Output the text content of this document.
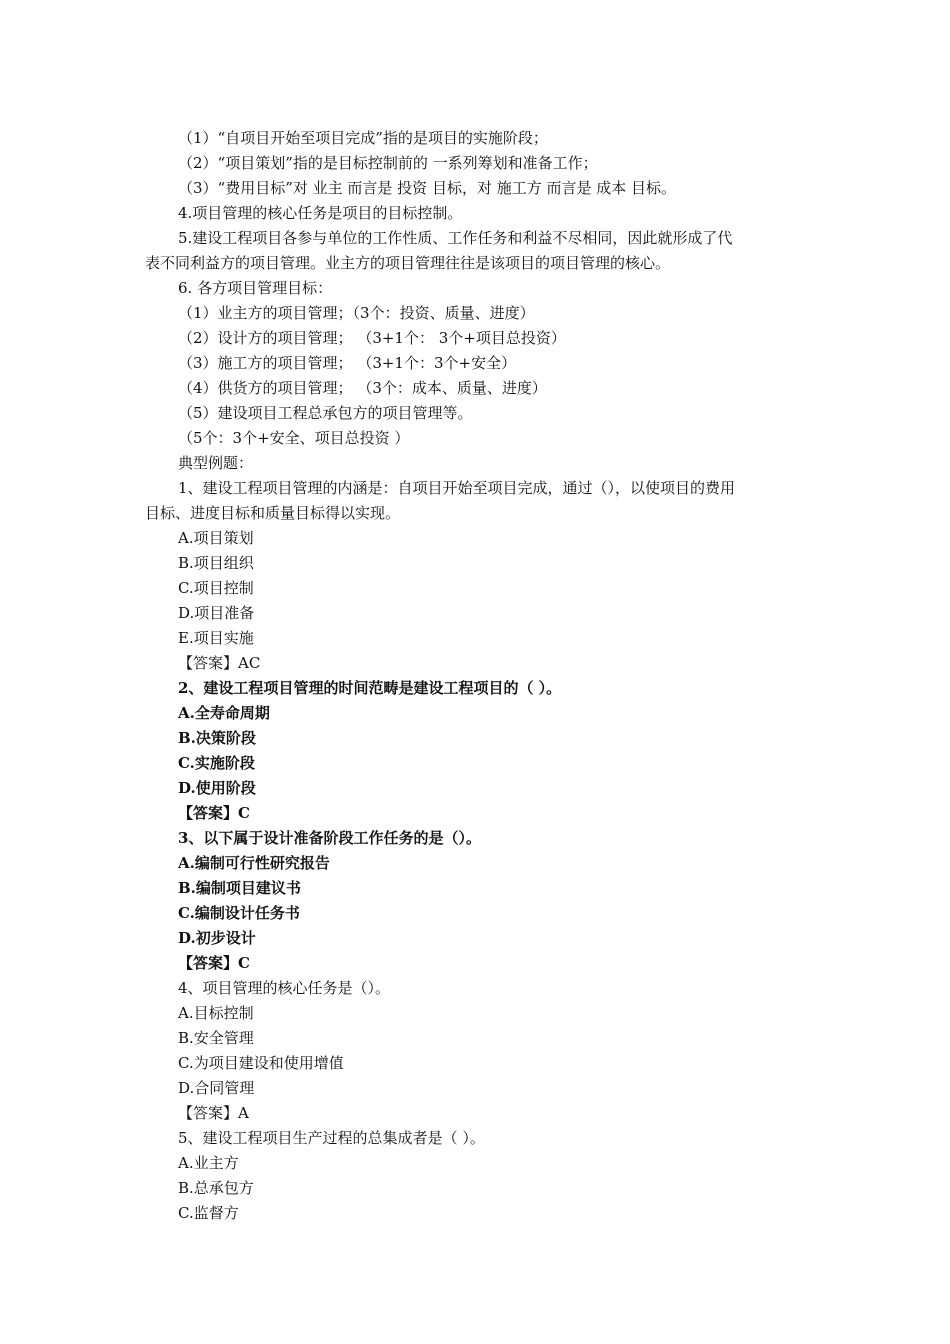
（1）“自项目开始至项目完成”指的是项目的实施阶段；
（2）“项目策划”指的是目标控制前的 一系列筹划和准备工作；
（3）“费用目标”对 业主 而言是 投资 目标，对 施工方 而言是 成本 目标。
4.项目管理的核心任务是项目的目标控制。
5.建设工程项目各参与单位的工作性质、工作任务和利益不尽相同，因此就形成了代
表不同利益方的项目管理。业主方的项目管理往往是该项目的项目管理的核心。
6. 各方项目管理目标：
（1）业主方的项目管理；（3个：投资、质量、进度）
（2）设计方的项目管理； （3+1个： 3个+项目总投资）
（3）施工方的项目管理； （3+1个：3个+安全）
（4）供货方的项目管理； （3个：成本、质量、进度）
（5）建设项目工程总承包方的项目管理等。
（5个：3个+安全、项目总投资 ）
典型例题：
1、建设工程项目管理的内涵是：自项目开始至项目完成，通过（），以使项目的费用
目标、进度目标和质量目标得以实现。
A.项目策划
B.项目组织
C.项目控制
D.项目准备
E.项目实施
【答案】AC
2、建设工程项目管理的时间范畴是建设工程项目的（ ）。
A.全寿命周期
B.决策阶段
C.实施阶段
D.使用阶段
【答案】C
3、以下属于设计准备阶段工作任务的是（）。
A.编制可行性研究报告
B.编制项目建议书
C.编制设计任务书
D.初步设计
【答案】C
4、项目管理的核心任务是（）。
A.目标控制
B.安全管理
C.为项目建设和使用增值
D.合同管理
【答案】A
5、建设工程项目生产过程的总集成者是（ ）。
A.业主方
B.总承包方
C.监督方
